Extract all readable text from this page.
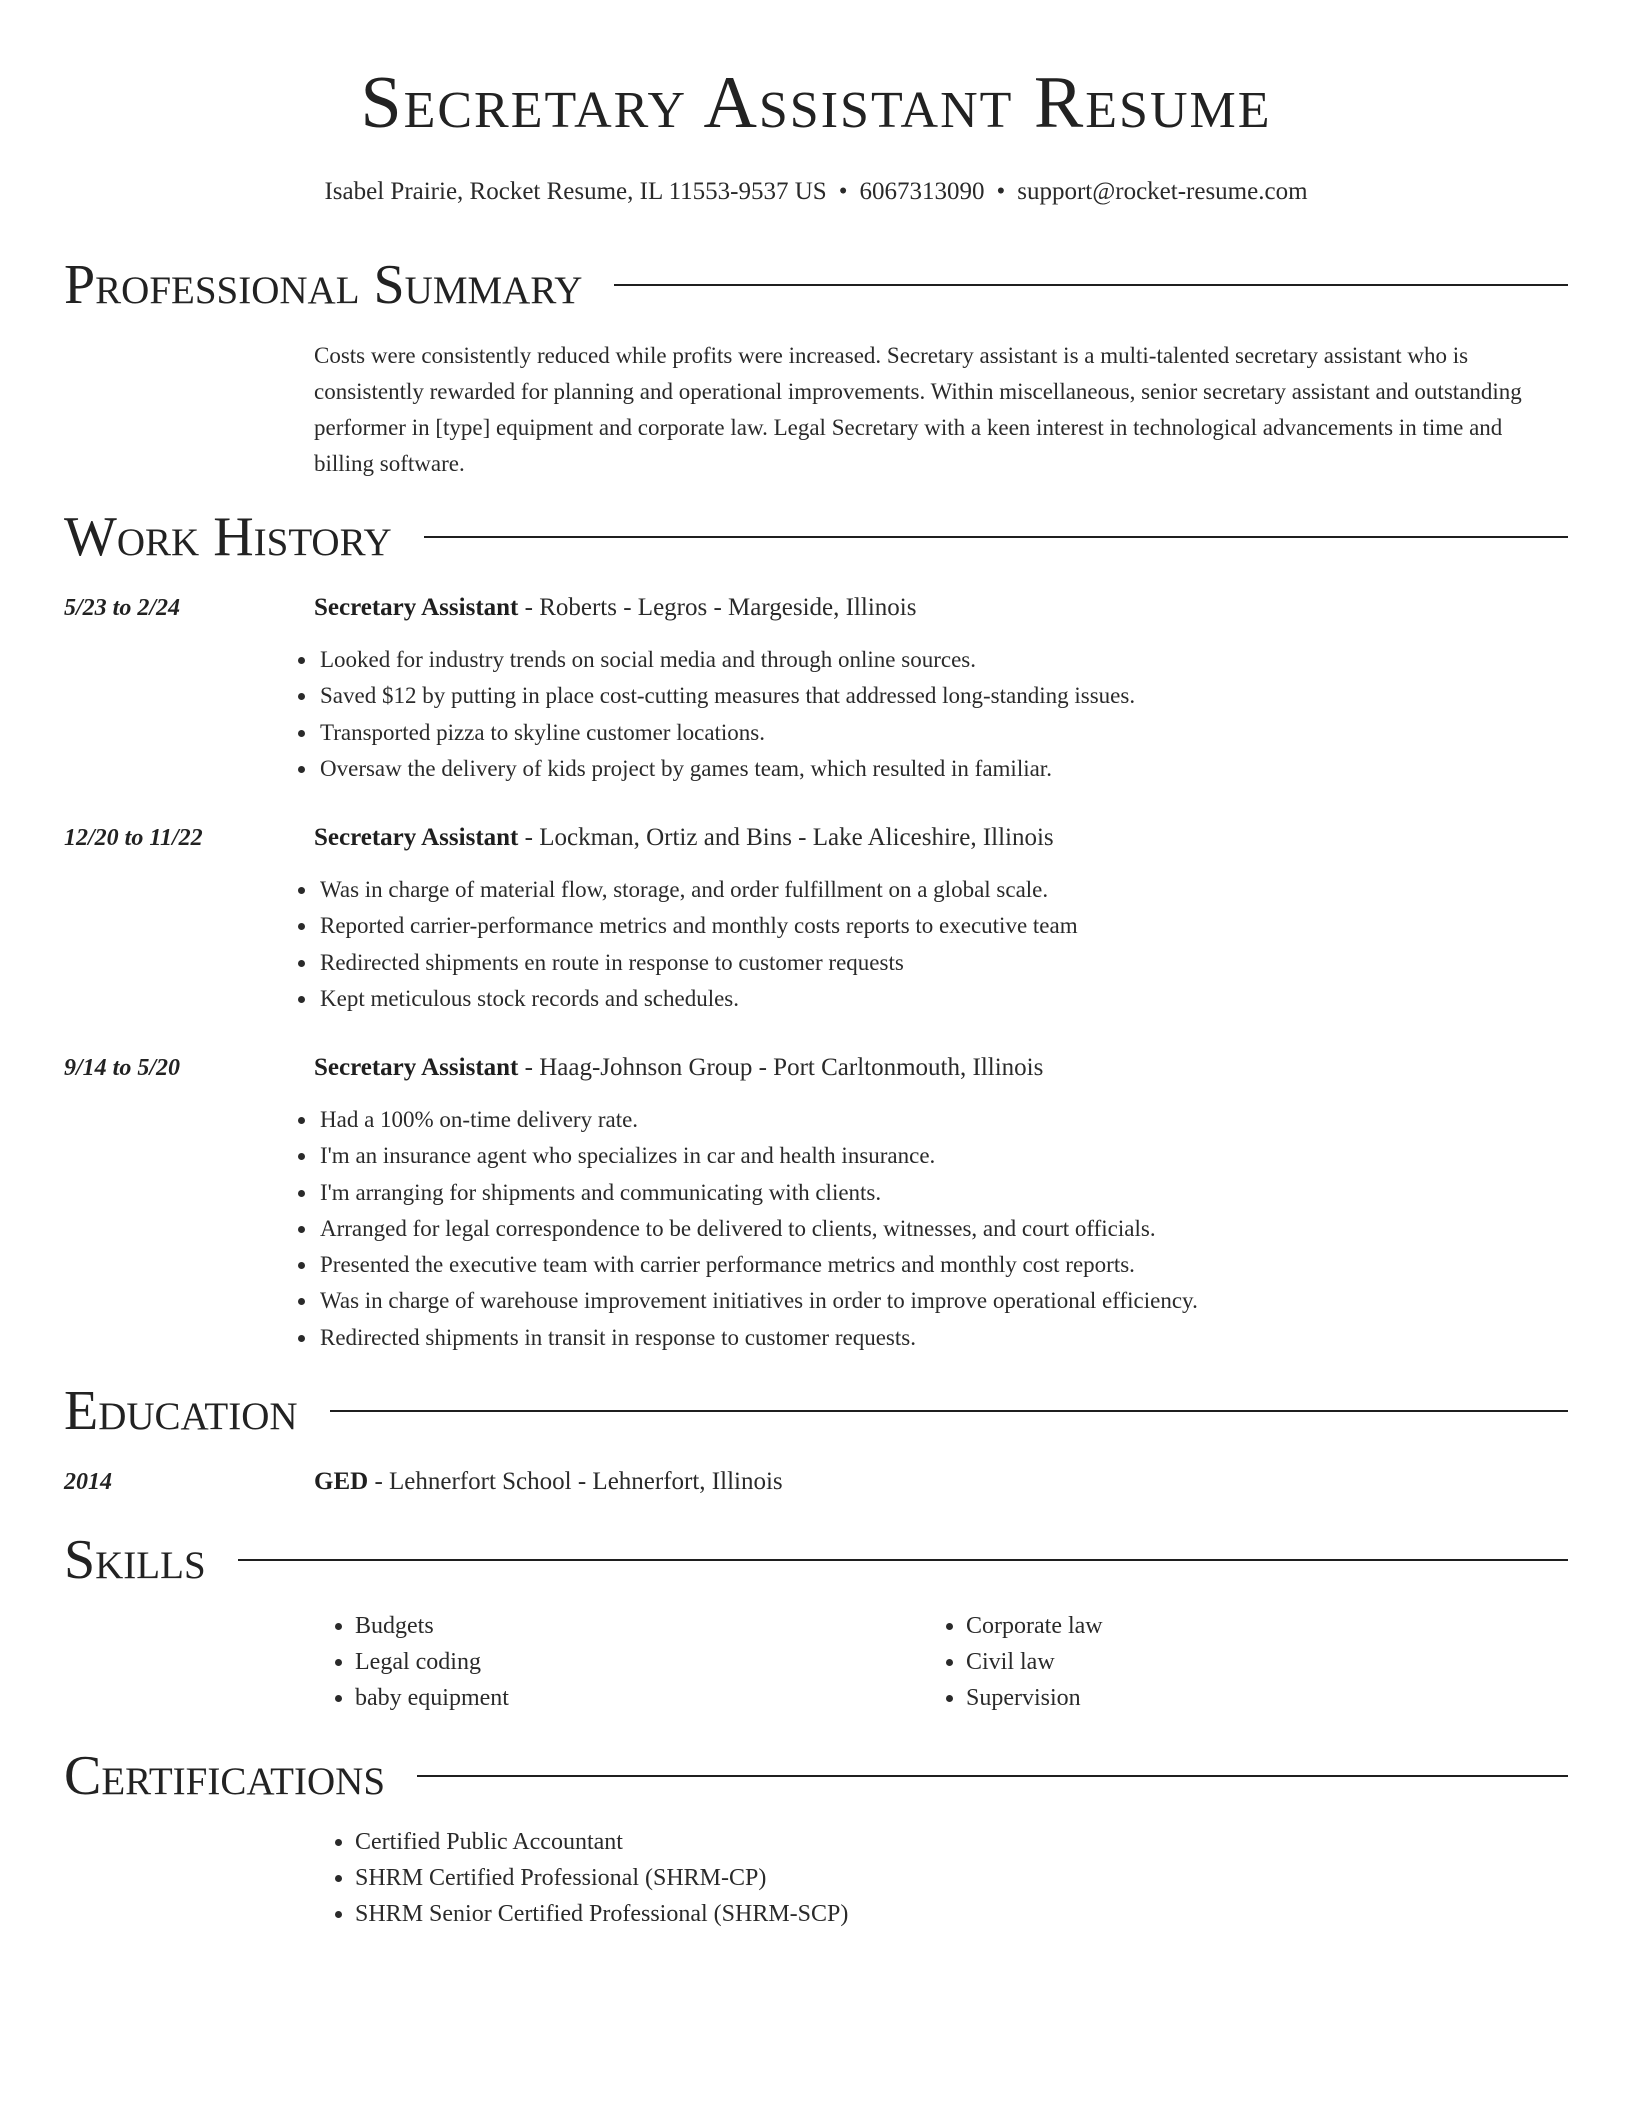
Secretary Assistant Resume
Isabel Prairie, Rocket Resume, IL 11553-9537 US • 6067313090 • support@rocket-resume.com
Professional Summary

Costs were consistently reduced while profits were increased. Secretary assistant is a multi-talented secretary assistant who is consistently rewarded for planning and operational improvements. Within miscellaneous, senior secretary assistant and outstanding performer in [type] equipment and corporate law. Legal Secretary with a keen interest in technological advancements in time and billing software.

Work History
5/23 to 2/24	Secretary Assistant - Roberts - Legros - Margeside, Illinois
• Looked for industry trends on social media and through online sources.
• Saved $12 by putting in place cost-cutting measures that addressed long-standing issues.
• Transported pizza to skyline customer locations.
• Oversaw the delivery of kids project by games team, which resulted in familiar.
12/20 to 11/22	Secretary Assistant - Lockman, Ortiz and Bins - Lake Aliceshire, Illinois
• Was in charge of material flow, storage, and order fulfillment on a global scale.
• Reported carrier-performance metrics and monthly costs reports to executive team
• Redirected shipments en route in response to customer requests
• Kept meticulous stock records and schedules.
9/14 to 5/20	Secretary Assistant - Haag-Johnson Group - Port Carltonmouth, Illinois
• Had a 100% on-time delivery rate.
• I'm an insurance agent who specializes in car and health insurance.
• I'm arranging for shipments and communicating with clients.
• Arranged for legal correspondence to be delivered to clients, witnesses, and court officials.
• Presented the executive team with carrier performance metrics and monthly cost reports.
• Was in charge of warehouse improvement initiatives in order to improve operational efficiency.
• Redirected shipments in transit in response to customer requests.
Education
2014	GED - Lehnerfort School - Lehnerfort, Illinois
Skills
• Budgets
• Legal coding
• baby equipment
• Corporate law
• Civil law
• Supervision
Certifications
• Certified Public Accountant
• SHRM Certified Professional (SHRM-CP)
• SHRM Senior Certified Professional (SHRM-SCP)
